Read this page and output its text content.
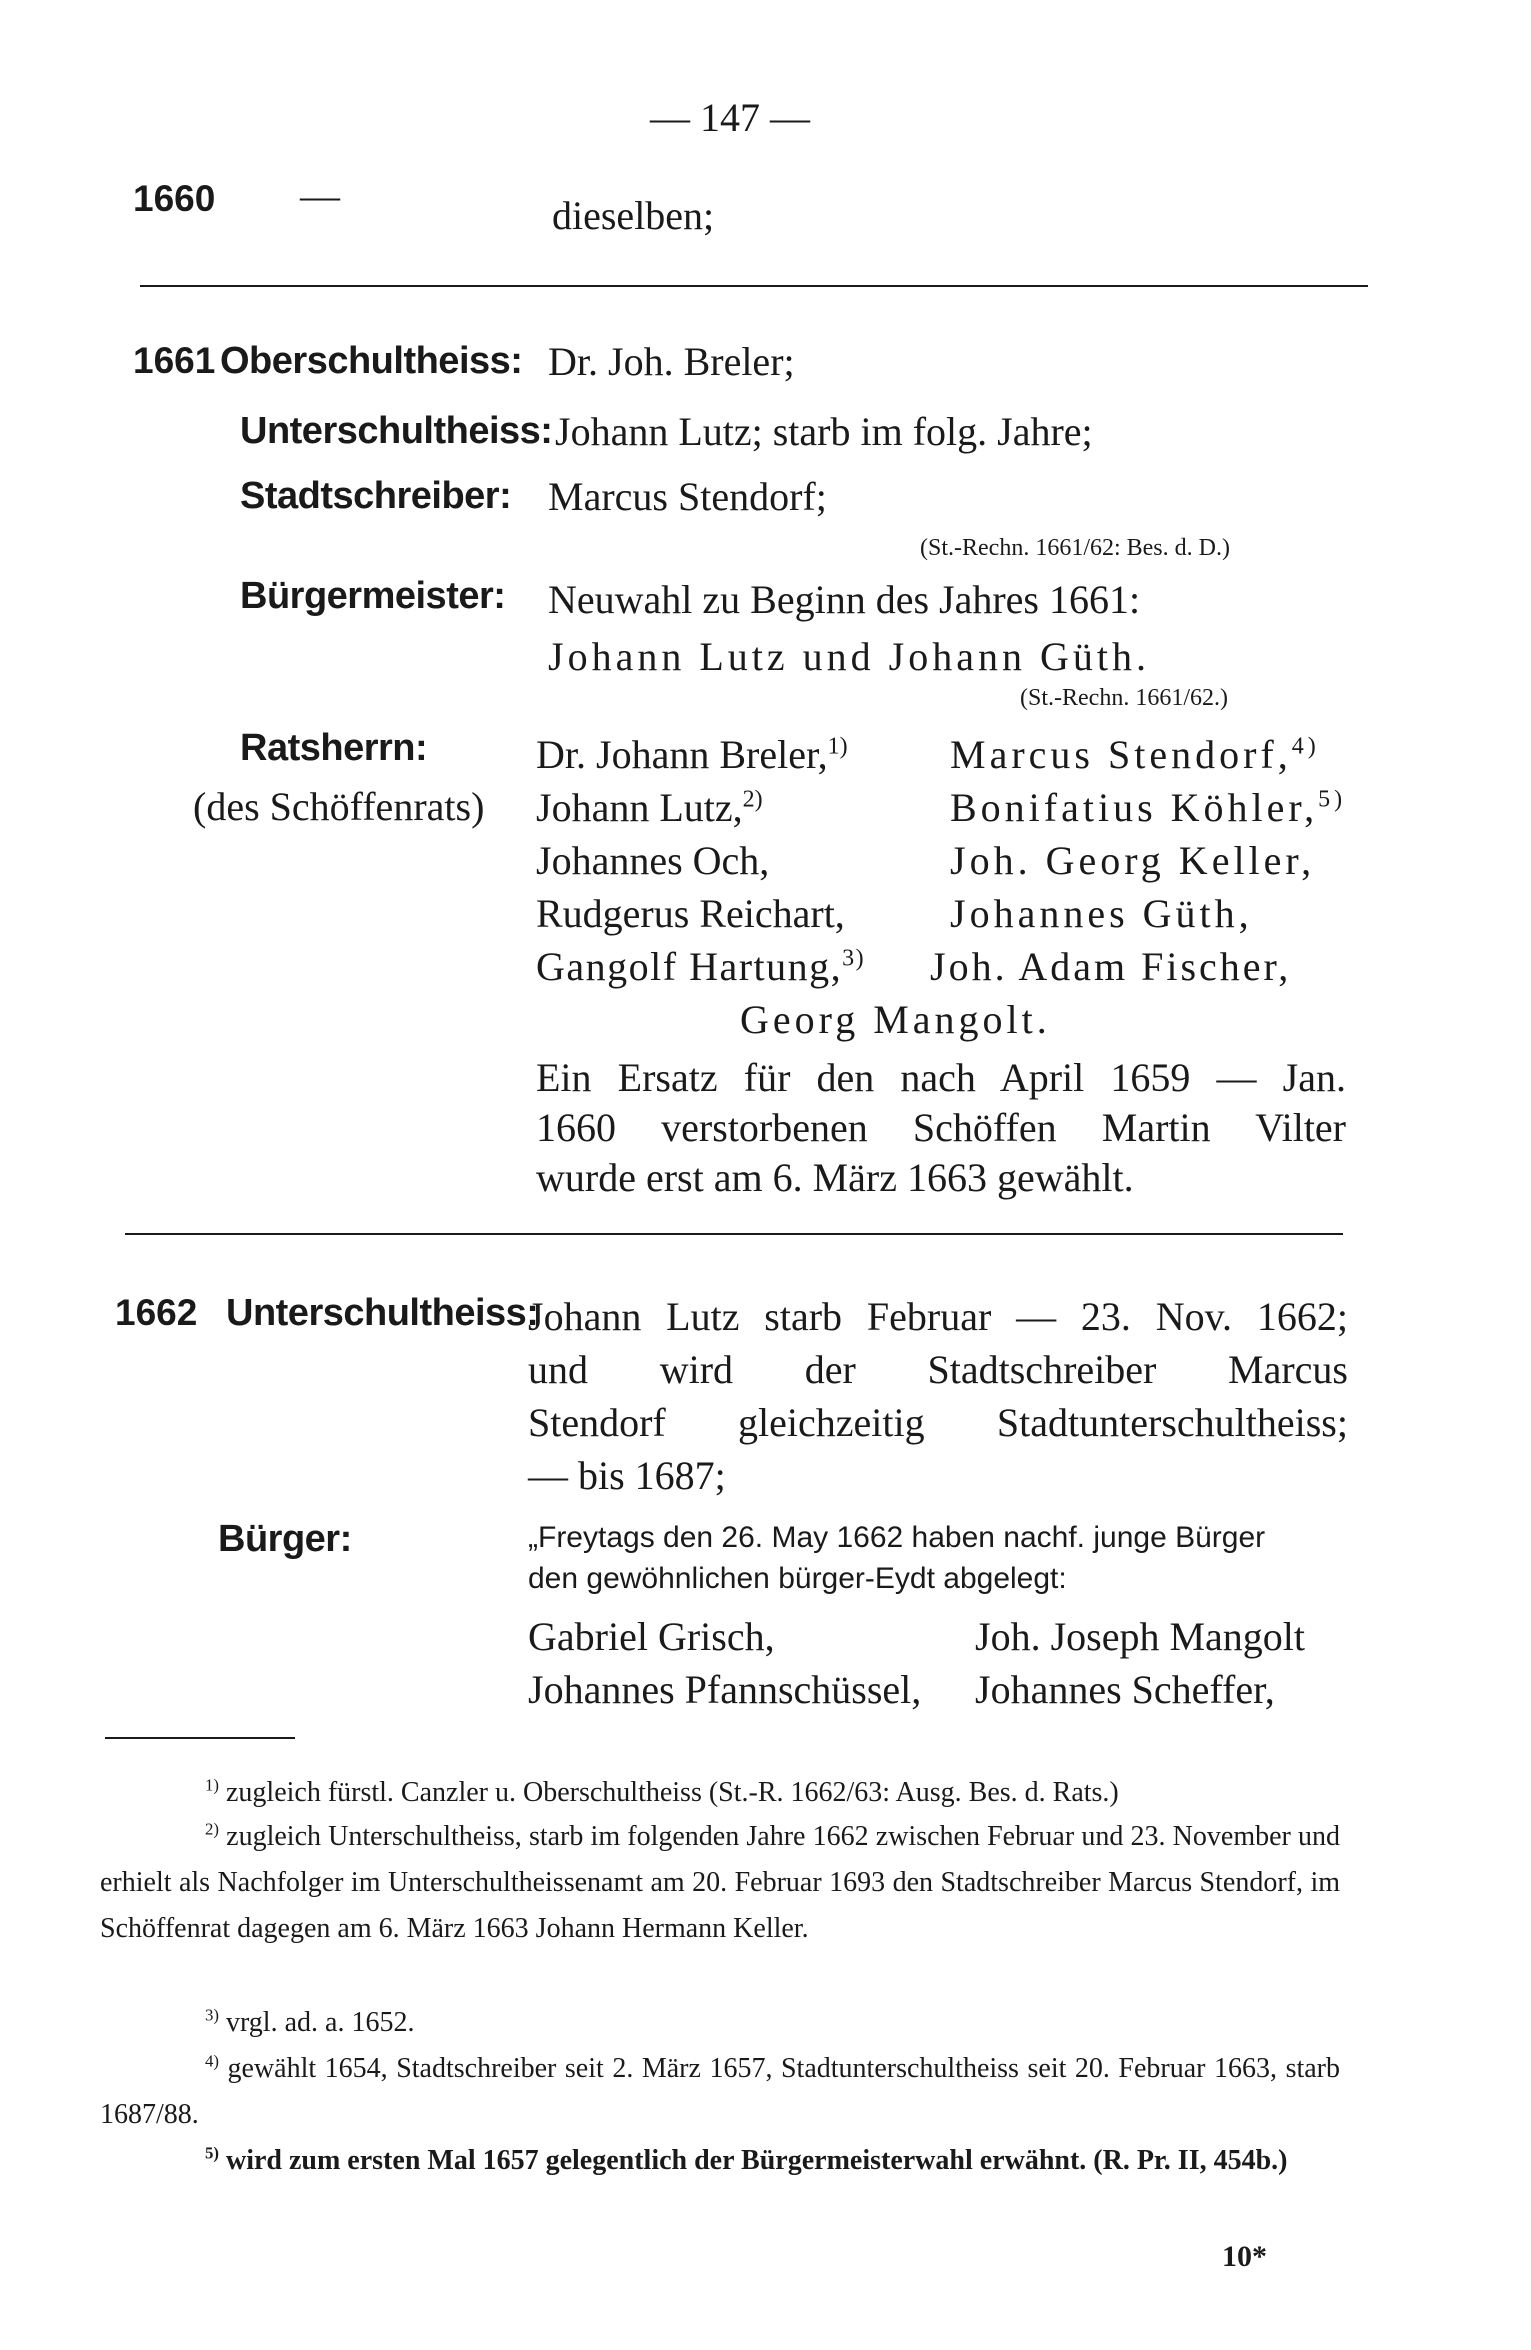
— 147 —
1660 —	dieselben;
1661 Oberschultheiss: Dr. Joh. Breler;
Unterschultheiss: Johann Lutz; starb im folg. Jahre;
Stadtschreiber: Marcus Stendorf;
(St.-Rechn. 1661/62: Bes. d. D.)
Bürgermeister: Neuwahl zu Beginn des Jahres 1661:
Johann Lutz und Johann Güth.
(St.-Rechn. 1661/62.)
Ratsherrn:
(des Schöffenrats)
Dr. Johann Breler,$^{1)}$
Johann Lutz,$^{2)}$
Johannes Och,
Rudgerus Reichart,
Gangolf Hartung,$^{3)}$
Marcus Stendorf,$^{4)}$
Bonifatius Köhler,$^{5)}$
Joh. Georg Keller,
Johannes Güth,
Joh. Adam Fischer,
Georg Mangolt.
Ein Ersatz für den nach April 1659 — Jan.
1660 verstorbenen Schöffen Martin Vilter
wurde erst am 6. März 1663 gewählt.
1662 Unterschultheiss:
Johann Lutz starb Februar — 23. Nov. 1662;
und wird der Stadtschreiber Marcus
Stendorf gleichzeitig Stadtunterschultheiss;
— bis 1687;
Bürger:	„Freytags den 26. May 1662 haben nachf. junge Bürger
den gewöhnlichen bürger-Eydt abgelegt:
Gabriel Grisch,
Johannes Pfannschüssel,
Joh. Joseph Mangolt
Johannes Scheffer,
$^{1)}$ zugleich fürstl. Canzler u. Oberschultheiss (St.-R. 1662/63: Ausg. Bes. d. Rats.)
$^{2)}$ zugleich Unterschultheiss, starb im folgenden Jahre 1662 zwischen Februar und 23. November und erhielt als Nachfolger im Unterschultheissenamt am 20. Februar 1693 den Stadtschreiber Marcus Stendorf, im Schöffenrat dagegen am 6. März 1663 Johann Hermann Keller.
$^{3)}$ vrgl. ad. a. 1652.
$^{4)}$ gewählt 1654, Stadtschreiber seit 2. März 1657, Stadtunterschultheiss seit 20. Februar 1663, starb 1687/88.
$^{5)}$ wird zum ersten Mal 1657 gelegentlich der Bürgermeisterwahl erwähnt. (R. Pr. II, 454b.)
10*
